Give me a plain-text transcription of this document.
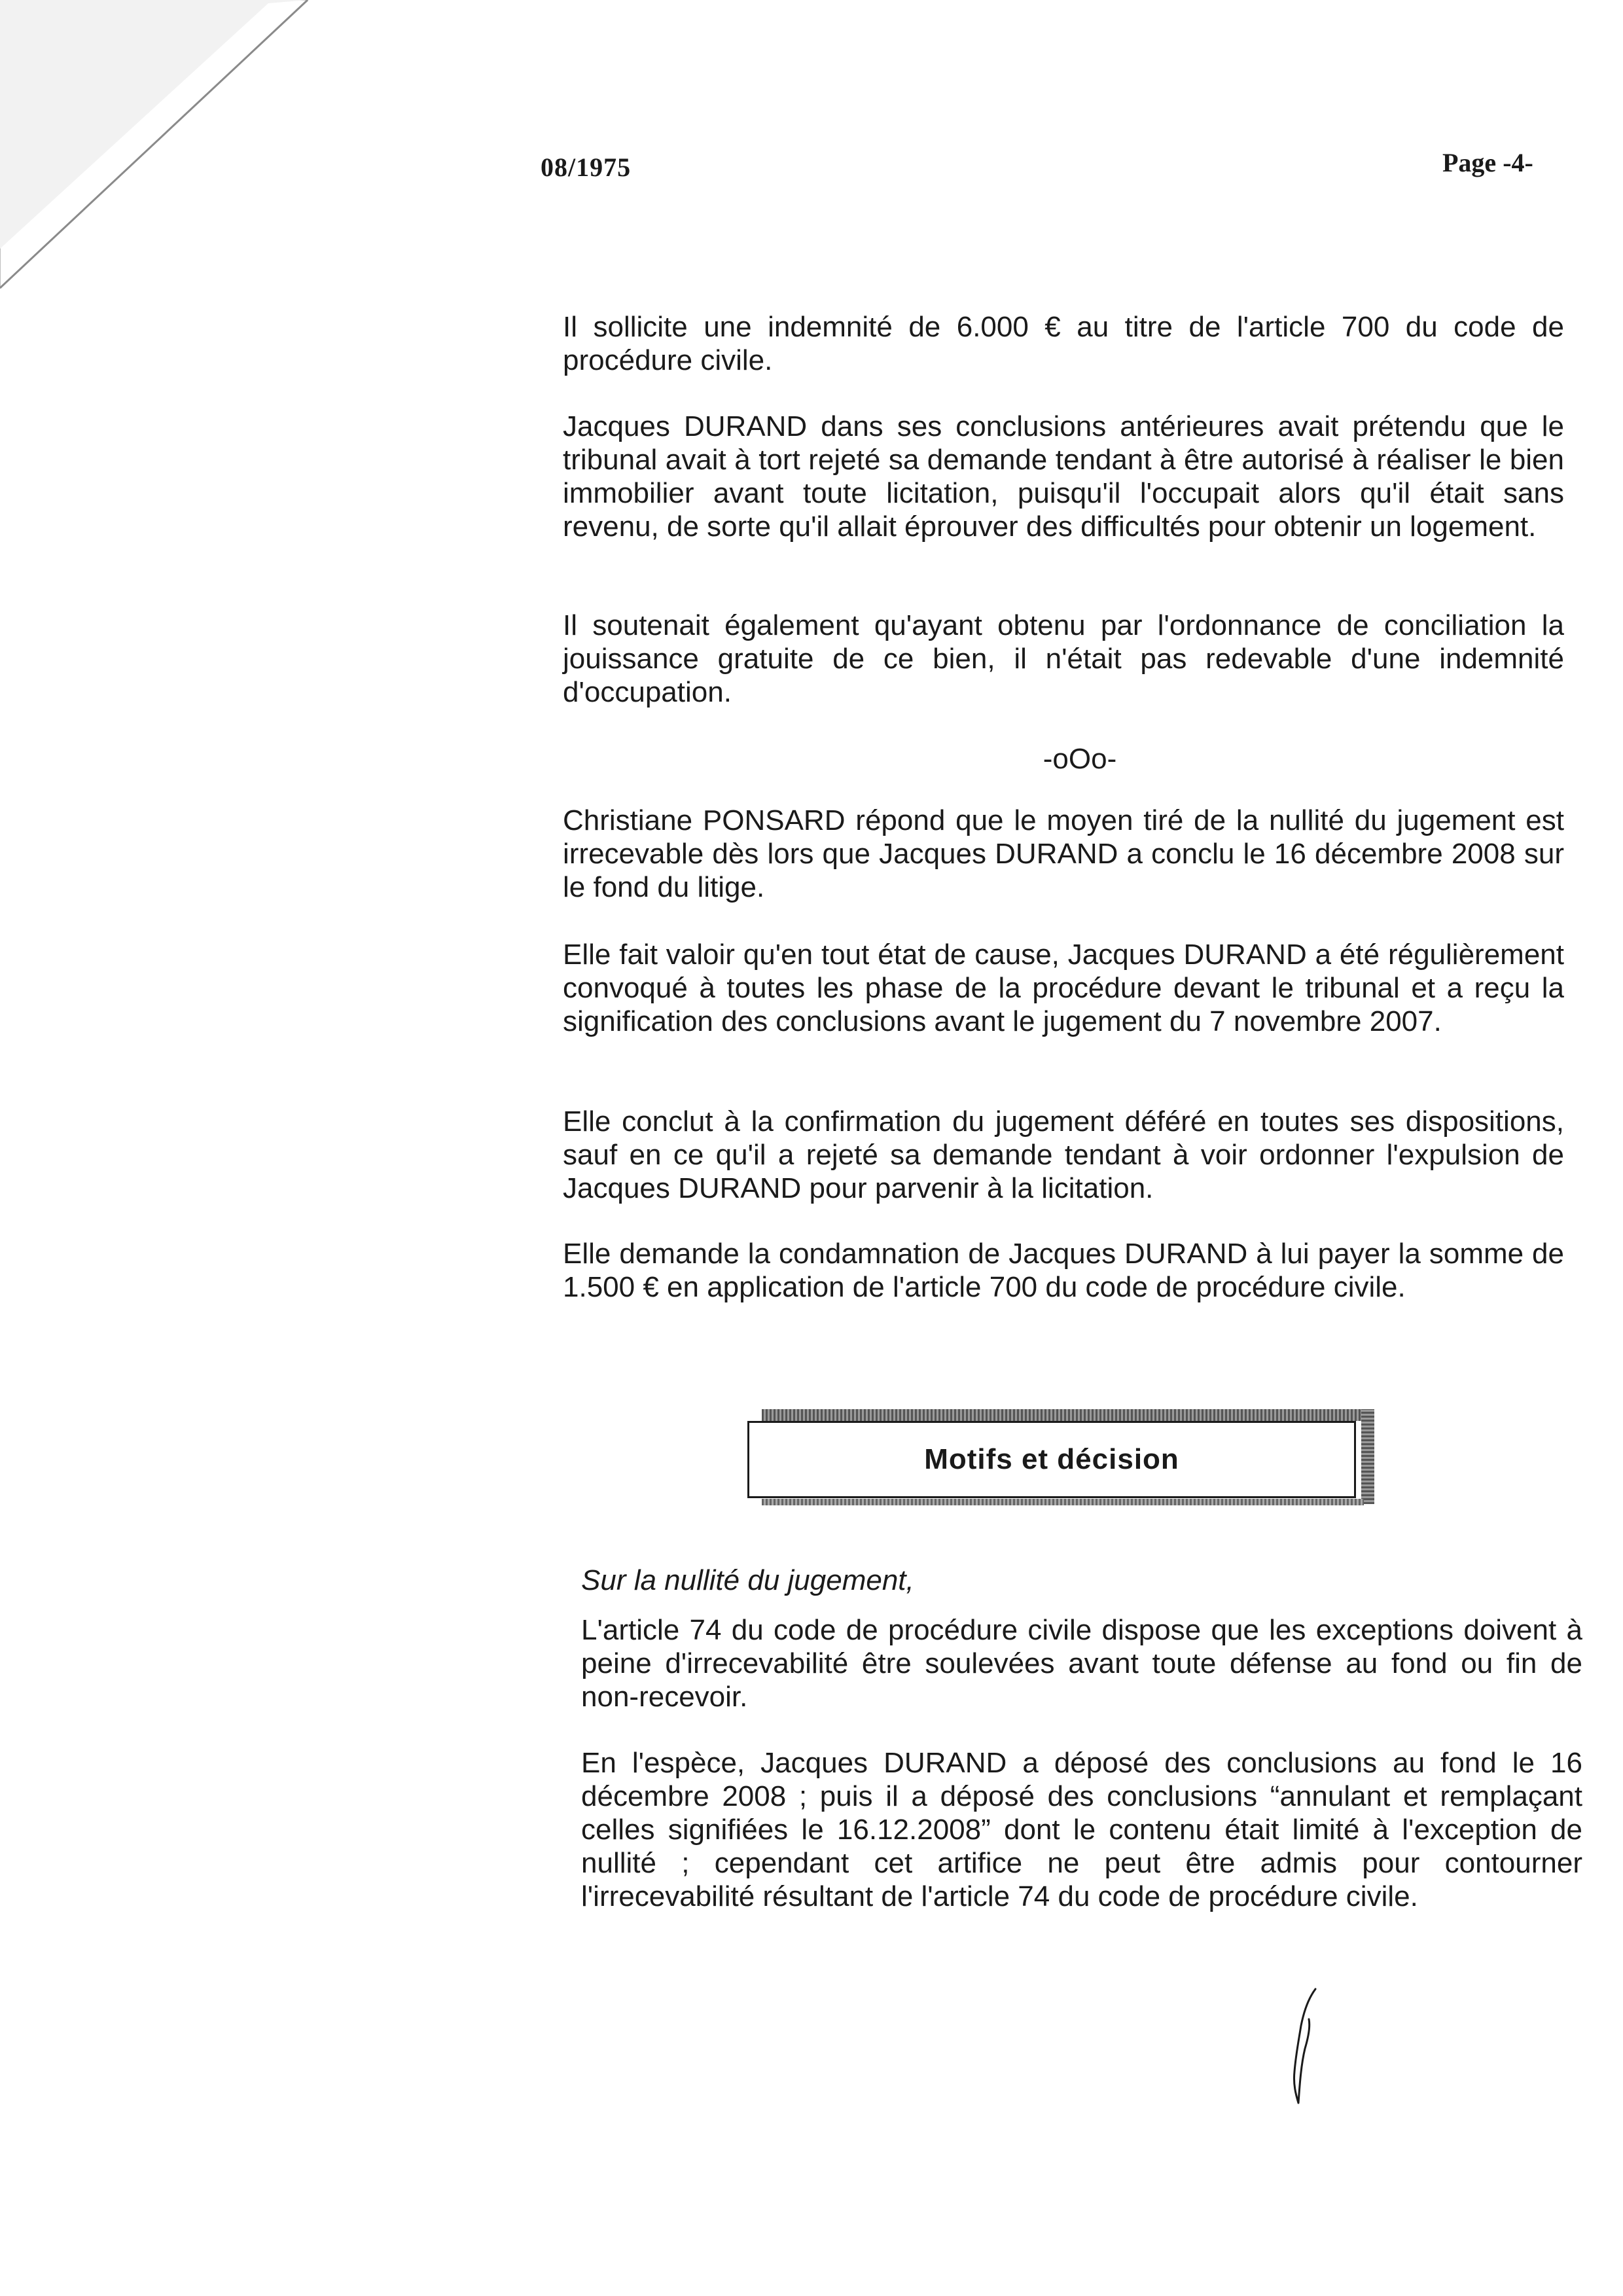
08/1975	Page -4-

Il sollicite une indemnité de 6.000 € au titre de l'article 700 du code de procédure civile.

Jacques DURAND dans ses conclusions antérieures avait prétendu que le tribunal avait à tort rejeté sa demande tendant à être autorisé à réaliser le bien immobilier avant toute licitation, puisqu'il l'occupait alors qu'il était sans revenu, de sorte qu'il allait éprouver des difficultés pour obtenir un logement.

Il soutenait également qu'ayant obtenu par l'ordonnance de conciliation la jouissance gratuite de ce bien, il n'était pas redevable d'une indemnité d'occupation.

-oOo-

Christiane PONSARD répond que le moyen tiré de la nullité du jugement est irrecevable dès lors que Jacques DURAND a conclu le 16 décembre 2008 sur le fond du litige.

Elle fait valoir qu'en tout état de cause, Jacques DURAND a été régulièrement convoqué à toutes les phase de la procédure devant le tribunal et a reçu la signification des conclusions avant le jugement du 7 novembre 2007.

Elle conclut à la confirmation du jugement déféré en toutes ses dispositions, sauf en ce qu'il a rejeté sa demande tendant à voir ordonner l'expulsion de Jacques DURAND pour parvenir à la licitation.

Elle demande la condamnation de Jacques DURAND à lui payer la somme de 1.500 € en application de l'article 700 du code de procédure civile.

Motifs et décision
Sur la nullité du jugement,

L'article 74 du code de procédure civile dispose que les exceptions doivent à peine d'irrecevabilité être soulevées avant toute défense au fond ou fin de non-recevoir.

En l'espèce, Jacques DURAND a déposé des conclusions au fond le 16 décembre 2008 ; puis il a déposé des conclusions “annulant et remplaçant celles signifiées le 16.12.2008” dont le contenu était limité à l'exception de nullité ; cependant cet artifice ne peut être admis pour contourner l'irrecevabilité résultant de l'article 74 du code de procédure civile.
